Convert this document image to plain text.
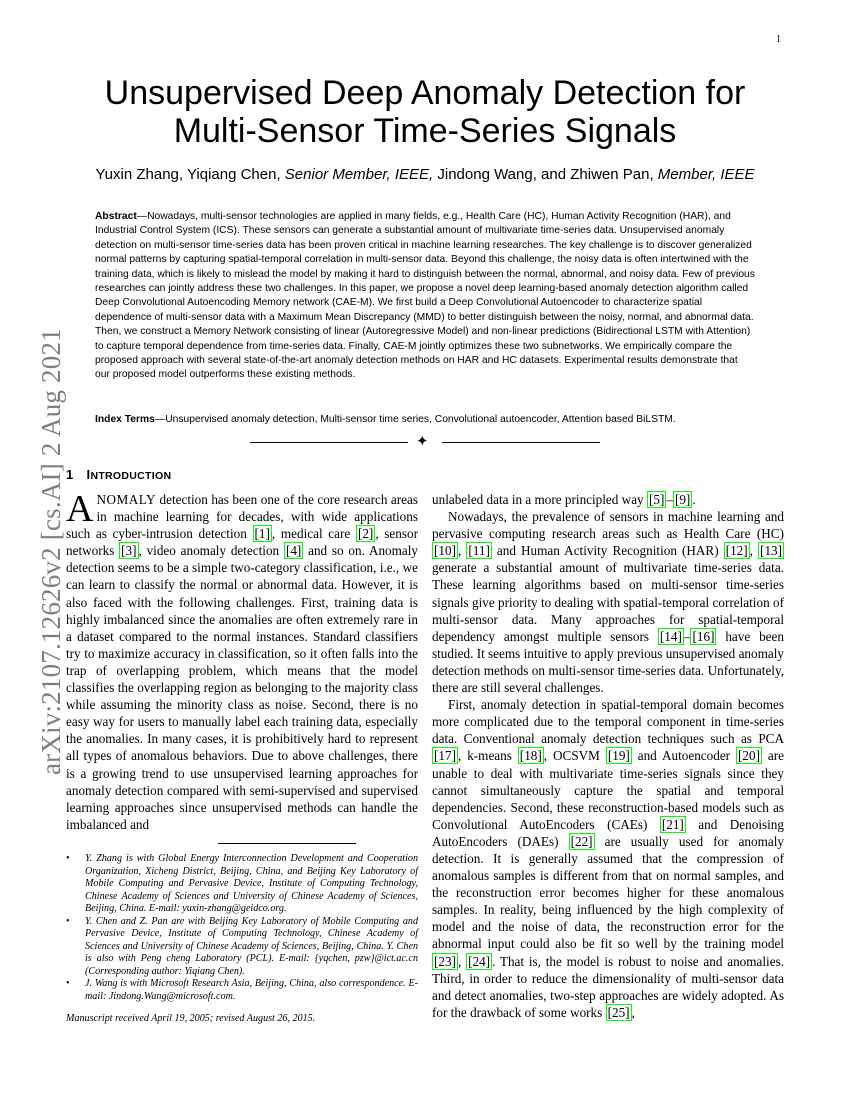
1
arXiv:2107.12626v2 [cs.AI] 2 Aug 2021
Unsupervised Deep Anomaly Detection for
Multi-Sensor Time-Series Signals
Yuxin Zhang, Yiqiang Chen, Senior Member, IEEE, Jindong Wang, and Zhiwen Pan, Member, IEEE
Abstract—Nowadays, multi-sensor technologies are applied in many fields, e.g., Health Care (HC), Human Activity Recognition (HAR), and Industrial Control System (ICS). These sensors can generate a substantial amount of multivariate time-series data. Unsupervised anomaly detection on multi-sensor time-series data has been proven critical in machine learning researches. The key challenge is to discover generalized normal patterns by capturing spatial-temporal correlation in multi-sensor data. Beyond this challenge, the noisy data is often intertwined with the training data, which is likely to mislead the model by making it hard to distinguish between the normal, abnormal, and noisy data. Few of previous researches can jointly address these two challenges. In this paper, we propose a novel deep learning-based anomaly detection algorithm called Deep Convolutional Autoencoding Memory network (CAE-M). We first build a Deep Convolutional Autoencoder to characterize spatial dependence of multi-sensor data with a Maximum Mean Discrepancy (MMD) to better distinguish between the noisy, normal, and abnormal data. Then, we construct a Memory Network consisting of linear (Autoregressive Model) and non-linear predictions (Bidirectional LSTM with Attention) to capture temporal dependence from time-series data. Finally, CAE-M jointly optimizes these two subnetworks. We empirically compare the proposed approach with several state-of-the-art anomaly detection methods on HAR and HC datasets. Experimental results demonstrate that our proposed model outperforms these existing methods.
Index Terms—Unsupervised anomaly detection, Multi-sensor time series, Convolutional autoencoder, Attention based BiLSTM.
✦
1 INTRODUCTION

ANOMALY detection has been one of the core research areas in machine learning for decades, with wide applications such as cyber-intrusion detection [1] , medical care [2] , sensor networks [3] , video anomaly detection [4] and so on. Anomaly detection seems to be a simple two-category classification, i.e., we can learn to classify the normal or abnormal data. However, it is also faced with the following challenges. First, training data is highly imbalanced since the anomalies are often extremely rare in a dataset compared to the normal instances. Standard classifiers try to maximize accuracy in classification, so it often falls into the trap of overlapping problem, which means that the model classifies the overlapping region as belonging to the majority class while assuming the minority class as noise. Second, there is no easy way for users to manually label each training data, especially the anomalies. In many cases, it is prohibitively hard to represent all types of anomalous behaviors. Due to above challenges, there is a growing trend to use unsupervised learning approaches for anomaly detection compared with semi-supervised and supervised learning approaches since unsupervised methods can handle the imbalanced and

• Y. Zhang is with Global Energy Interconnection Development and Cooperation Organization, Xicheng District, Beijing, China, and Beijing Key Laboratory of Mobile Computing and Pervasive Device, Institute of Computing Technology, Chinese Academy of Sciences and University of Chinese Academy of Sciences, Beijing, China. E-mail: yuxin-zhang@geidco.org.
• Y. Chen and Z. Pan are with Beijing Key Laboratory of Mobile Computing and Pervasive Device, Institute of Computing Technology, Chinese Academy of Sciences and University of Chinese Academy of Sciences, Beijing, China. Y. Chen is also with Peng cheng Laboratory (PCL). E-mail: {yqchen, pzw}@ict.ac.cn (Corresponding author: Yiqiang Chen).
• J. Wang is with Microsoft Research Asia, Beijing, China, also correspondence. E-mail: Jindong.Wang@microsoft.com.
Manuscript received April 19, 2005; revised August 26, 2015.

unlabeled data in a more principled way [5] – [9] .

Nowadays, the prevalence of sensors in machine learning and pervasive computing research areas such as Health Care (HC) [10] , [11] and Human Activity Recognition (HAR) [12] , [13] generate a substantial amount of multivariate time-series data. These learning algorithms based on multi-sensor time-series signals give priority to dealing with spatial-temporal correlation of multi-sensor data. Many approaches for spatial-temporal dependency amongst multiple sensors [14] – [16] have been studied. It seems intuitive to apply previous unsupervised anomaly detection methods on multi-sensor time-series data. Unfortunately, there are still several challenges.

First, anomaly detection in spatial-temporal domain becomes more complicated due to the temporal component in time-series data. Conventional anomaly detection techniques such as PCA [17] , k-means [18] , OCSVM [19] and Autoencoder [20] are unable to deal with multivariate time-series signals since they cannot simultaneously capture the spatial and temporal dependencies. Second, these reconstruction-based models such as Convolutional AutoEncoders (CAEs) [21] and Denoising AutoEncoders (DAEs) [22] are usually used for anomaly detection. It is generally assumed that the compression of anomalous samples is different from that on normal samples, and the reconstruction error becomes higher for these anomalous samples. In reality, being influenced by the high complexity of model and the noise of data, the reconstruction error for the abnormal input could also be fit so well by the training model [23] , [24] . That is, the model is robust to noise and anomalies. Third, in order to reduce the dimensionality of multi-sensor data and detect anomalies, two-step approaches are widely adopted. As for the drawback of some works [25] ,
